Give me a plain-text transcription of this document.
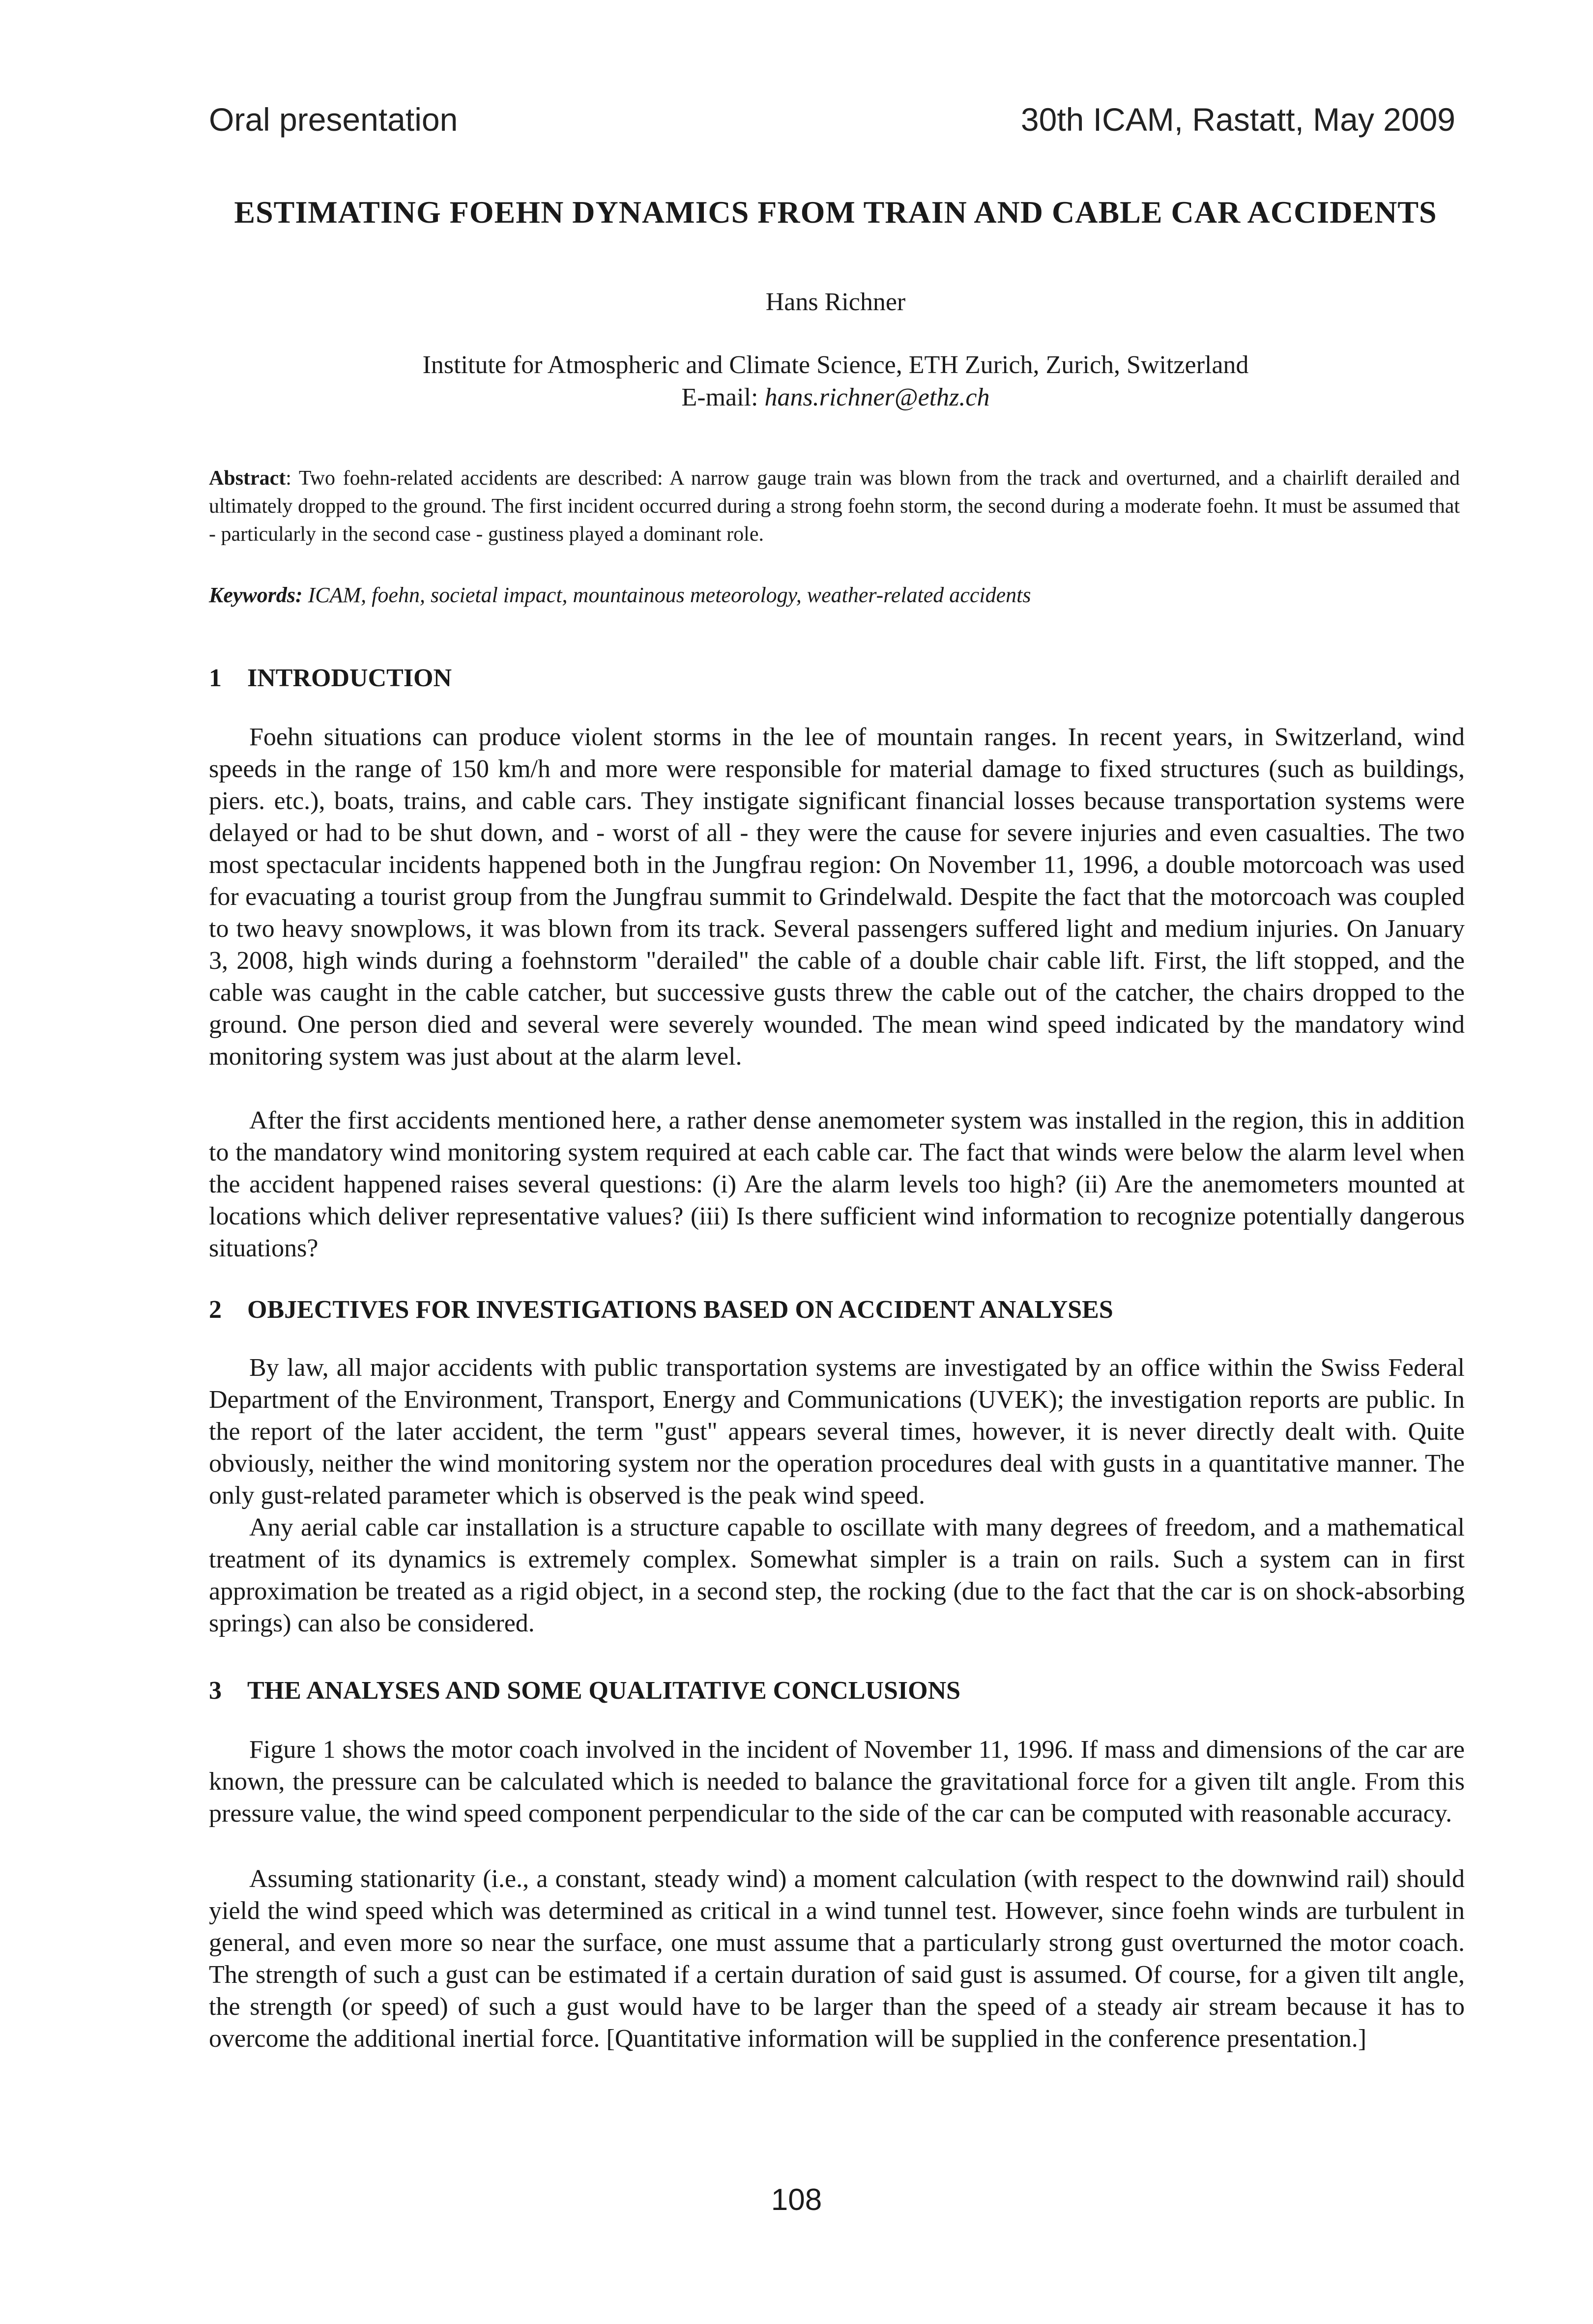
Oral presentation	30th ICAM, Rastatt, May 2009
ESTIMATING FOEHN DYNAMICS FROM TRAIN AND CABLE CAR ACCIDENTS
Hans Richner
Institute for Atmospheric and Climate Science, ETH Zurich, Zurich, Switzerland
E-mail: hans.richner@ethz.ch
Abstract: Two foehn-related accidents are described: A narrow gauge train was blown from the track and overturned, and a chairlift derailed and ultimately dropped to the ground. The first incident occurred during a strong foehn storm, the second during a moderate foehn. It must be assumed that - particularly in the second case - gustiness played a dominant role.
Keywords: ICAM, foehn, societal impact, mountainous meteorology, weather-related accidents
1 INTRODUCTION
Foehn situations can produce violent storms in the lee of mountain ranges. In recent years, in Switzerland, wind speeds in the range of 150 km/h and more were responsible for material damage to fixed structures (such as buildings, piers. etc.), boats, trains, and cable cars. They instigate significant financial losses because transportation systems were delayed or had to be shut down, and - worst of all - they were the cause for severe injuries and even casualties. The two most spectacular incidents happened both in the Jungfrau region: On November 11, 1996, a double motorcoach was used for evacuating a tourist group from the Jungfrau summit to Grindelwald. Despite the fact that the motorcoach was coupled to two heavy snowplows, it was blown from its track. Several passengers suffered light and medium injuries. On January 3, 2008, high winds during a foehnstorm "derailed" the cable of a double chair cable lift. First, the lift stopped, and the cable was caught in the cable catcher, but successive gusts threw the cable out of the catcher, the chairs dropped to the ground. One person died and several were severely wounded. The mean wind speed indicated by the mandatory wind monitoring system was just about at the alarm level.
After the first accidents mentioned here, a rather dense anemometer system was installed in the region, this in addition to the mandatory wind monitoring system required at each cable car. The fact that winds were below the alarm level when the accident happened raises several questions: (i) Are the alarm levels too high? (ii) Are the anemometers mounted at locations which deliver representative values? (iii) Is there sufficient wind information to recognize potentially dangerous situations?
2 OBJECTIVES FOR INVESTIGATIONS BASED ON ACCIDENT ANALYSES
By law, all major accidents with public transportation systems are investigated by an office within the Swiss Federal Department of the Environment, Transport, Energy and Communications (UVEK); the investigation reports are public. In the report of the later accident, the term "gust" appears several times, however, it is never directly dealt with. Quite obviously, neither the wind monitoring system nor the operation procedures deal with gusts in a quantitative manner. The only gust-related parameter which is observed is the peak wind speed.
Any aerial cable car installation is a structure capable to oscillate with many degrees of freedom, and a mathematical treatment of its dynamics is extremely complex. Somewhat simpler is a train on rails. Such a system can in first approximation be treated as a rigid object, in a second step, the rocking (due to the fact that the car is on shock-absorbing springs) can also be considered.
3 THE ANALYSES AND SOME QUALITATIVE CONCLUSIONS
Figure 1 shows the motor coach involved in the incident of November 11, 1996. If mass and dimensions of the car are known, the pressure can be calculated which is needed to balance the gravitational force for a given tilt angle. From this pressure value, the wind speed component perpendicular to the side of the car can be computed with reasonable accuracy.
Assuming stationarity (i.e., a constant, steady wind) a moment calculation (with respect to the downwind rail) should yield the wind speed which was determined as critical in a wind tunnel test. However, since foehn winds are turbulent in general, and even more so near the surface, one must assume that a particularly strong gust overturned the motor coach. The strength of such a gust can be estimated if a certain duration of said gust is assumed. Of course, for a given tilt angle, the strength (or speed) of such a gust would have to be larger than the speed of a steady air stream because it has to overcome the additional inertial force. [Quantitative information will be supplied in the conference presentation.]
108
